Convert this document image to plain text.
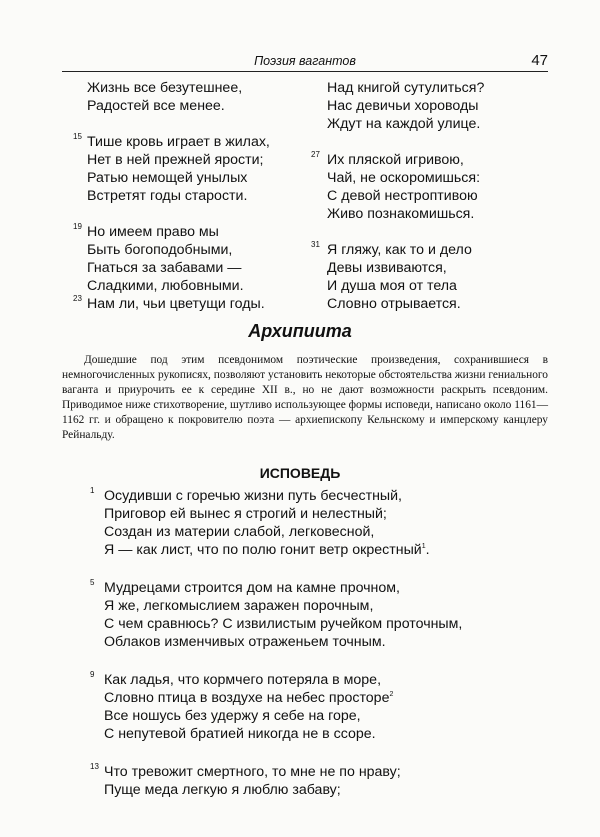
Поэзия вагантов	47
Жизнь все безутешнее,
Радостей все менее.
15 Тише кровь играет в жилах,
Нет в ней прежней ярости;
Ратью немощей унылых
Встретят годы старости.
19 Но имеем право мы
Быть богоподобными,
Гнаться за забавами —
Сладкими, любовными.
23 Нам ли, чьи цветущи годы.
Над книгой сутулиться?
Нас девичьи хороводы
Ждут на каждой улице.
27 Их пляской игривою,
Чай, не оскоромишься:
С девой нестроптивою
Живо познакомишься.
31 Я гляжу, как то и дело
Девы извиваются,
И душа моя от тела
Словно отрывается.
Архипиита

Дошедшие под этим псевдонимом поэтические произведения, сохранившиеся в немногочисленных рукописях, позволяют установить некоторые обстоятельства жизни гениального ваганта и приурочить ее к середине XII в., но не дают возможности раскрыть псевдоним. Приводимое ниже стихотворение, шутливо использующее формы исповеди, написано около 1161—1162 гг. и обращено к покровителю поэта — архиепископу Кельнскому и имперскому канцлеру Рейнальду.

ИСПОВЕДЬ
1 Осудивши с горечью жизни путь бесчестный,
Приговор ей вынес я строгий и нелестный;
Создан из материи слабой, легковесной,
Я — как лист, что по полю гонит ветр окрестный$^1$.
5 Мудрецами строится дом на камне прочном,
Я же, легкомыслием заражен порочным,
С чем сравнюсь? С извилистым ручейком проточным,
Облаков изменчивых отраженьем точным.
9 Как ладья, что кормчего потеряла в море,
Словно птица в воздухе на небес просторе$^2$
Все ношусь без удержу я себе на горе,
С непутевой братией никогда не в ссоре.
13 Что тревожит смертного, то мне не по нраву;
Пуще меда легкую я люблю забаву;
